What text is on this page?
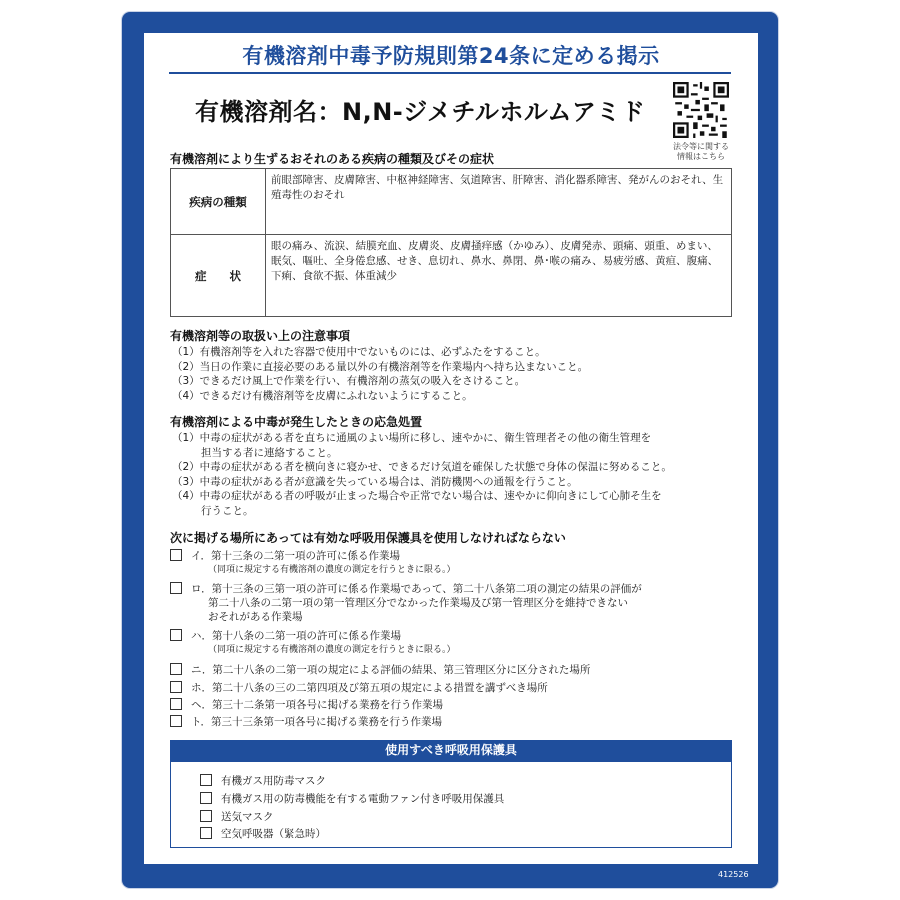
有機溶剤中毒予防規則第24条に定める掲示
有機溶剤名：N,N-ジメチルホルムアミド
法令等に関する
情報はこちら
有機溶剤により生ずるおそれのある疾病の種類及びその症状
疾病の種類	前眼部障害、皮膚障害、中枢神経障害、気道障害、肝障害、消化器系障害、発がんのおそれ、生殖毒性のおそれ
症　　状	眼の痛み、流涙、結膜充血、皮膚炎、皮膚掻痒感（かゆみ）、皮膚発赤、頭痛、頭重、めまい、眠気、嘔吐、全身倦怠感、せき、息切れ、鼻水、鼻閉、鼻･喉の痛み、易疲労感、黄疸、腹痛、下痢、食欲不振、体重減少
有機溶剤等の取扱い上の注意事項
（1）有機溶剤等を入れた容器で使用中でないものには、必ずふたをすること。
（2）当日の作業に直接必要のある量以外の有機溶剤等を作業場内へ持ち込まないこと。
（3）できるだけ風上で作業を行い、有機溶剤の蒸気の吸入をさけること。
（4）できるだけ有機溶剤等を皮膚にふれないようにすること。
有機溶剤による中毒が発生したときの応急処置
（1）中毒の症状がある者を直ちに通風のよい場所に移し、速やかに、衛生管理者その他の衛生管理を
担当する者に連絡すること。
（2）中毒の症状がある者を横向きに寝かせ、できるだけ気道を確保した状態で身体の保温に努めること。
（3）中毒の症状がある者が意識を失っている場合は、消防機関への通報を行うこと。
（4）中毒の症状がある者の呼吸が止まった場合や正常でない場合は、速やかに仰向きにして心肺そ生を
行うこと。
次に掲げる場所にあっては有効な呼吸用保護具を使用しなければならない
イ．第十三条の二第一項の許可に係る作業場
（同項に規定する有機溶剤の濃度の測定を行うときに限る。）
ロ．第十三条の三第一項の許可に係る作業場であって、第二十八条第二項の測定の結果の評価が
第二十八条の二第一項の第一管理区分でなかった作業場及び第一管理区分を維持できない
おそれがある作業場
ハ．第十八条の二第一項の許可に係る作業場
（同項に規定する有機溶剤の濃度の測定を行うときに限る。）
ニ．第二十八条の二第一項の規定による評価の結果、第三管理区分に区分された場所
ホ．第二十八条の三の二第四項及び第五項の規定による措置を講ずべき場所
ヘ．第三十二条第一項各号に掲げる業務を行う作業場
ト．第三十三条第一項各号に掲げる業務を行う作業場
使用すべき呼吸用保護具
有機ガス用防毒マスク
有機ガス用の防毒機能を有する電動ファン付き呼吸用保護具
送気マスク
空気呼吸器（緊急時）
412526
